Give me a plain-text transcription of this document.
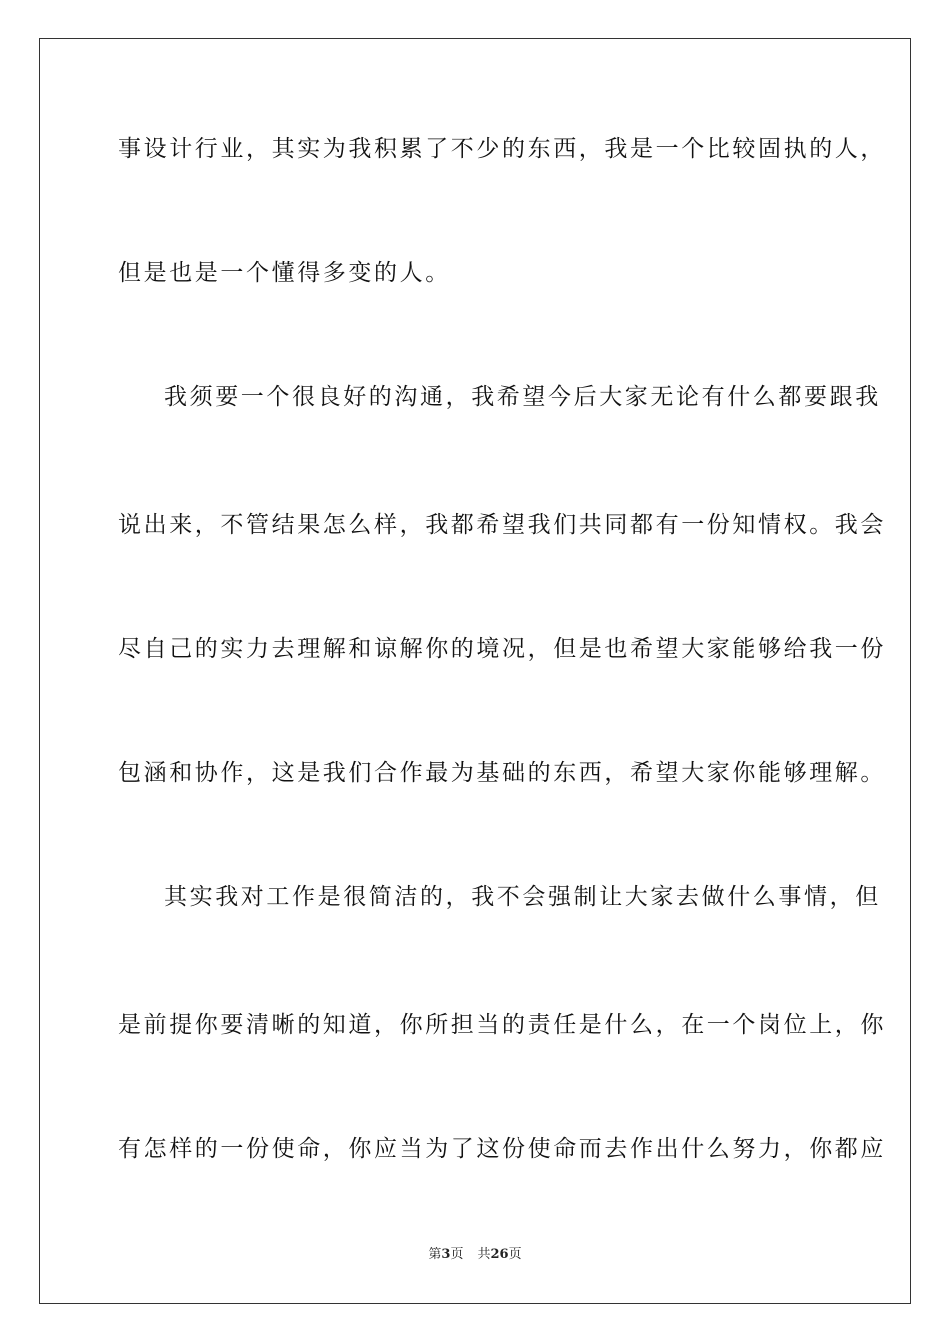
事设计行业，其实为我积累了不少的东西，我是一个比较固执的人，
但是也是一个懂得多变的人。
我须要一个很良好的沟通，我希望今后大家无论有什么都要跟我
说出来，不管结果怎么样，我都希望我们共同都有一份知情权。我会
尽自己的实力去理解和谅解你的境况，但是也希望大家能够给我一份
包涵和协作，这是我们合作最为基础的东西，希望大家你能够理解。
其实我对工作是很简洁的，我不会强制让大家去做什么事情，但
是前提你要清晰的知道，你所担当的责任是什么，在一个岗位上，你
有怎样的一份使命，你应当为了这份使命而去作出什么努力，你都应
第3页 共26页
